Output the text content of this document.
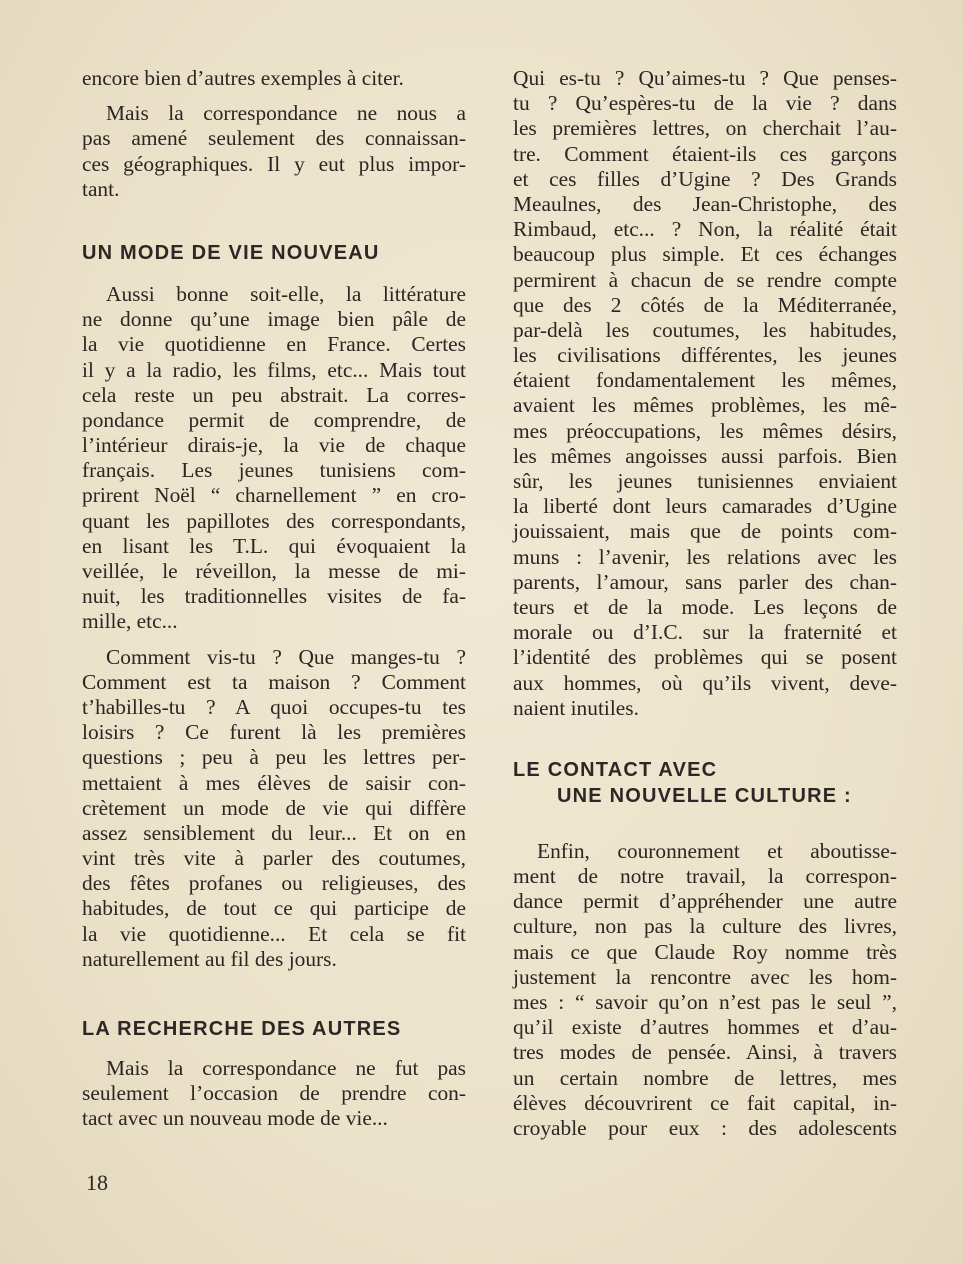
encore bien d’autres exemples à citer.
Mais la correspondance ne nous a
pas amené seulement des connaissan-
ces géographiques. Il y eut plus impor-
tant.
UN MODE DE VIE NOUVEAU
Aussi bonne soit-elle, la littérature
ne donne qu’une image bien pâle de
la vie quotidienne en France. Certes
il y a la radio, les films, etc... Mais tout
cela reste un peu abstrait. La corres-
pondance permit de comprendre, de
l’intérieur dirais-je, la vie de chaque
français. Les jeunes tunisiens com-
prirent Noël “ charnellement ” en cro-
quant les papillotes des correspondants,
en lisant les T.L. qui évoquaient la
veillée, le réveillon, la messe de mi-
nuit, les traditionnelles visites de fa-
mille, etc...
Comment vis-tu ? Que manges-tu ?
Comment est ta maison ? Comment
t’habilles-tu ? A quoi occupes-tu tes
loisirs ? Ce furent là les premières
questions ; peu à peu les lettres per-
mettaient à mes élèves de saisir con-
crètement un mode de vie qui diffère
assez sensiblement du leur... Et on en
vint très vite à parler des coutumes,
des fêtes profanes ou religieuses, des
habitudes, de tout ce qui participe de
la vie quotidienne... Et cela se fit
naturellement au fil des jours.
LA RECHERCHE DES AUTRES
Mais la correspondance ne fut pas
seulement l’occasion de prendre con-
tact avec un nouveau mode de vie...
Qui es-tu ? Qu’aimes-tu ? Que penses-
tu ? Qu’espères-tu de la vie ? dans
les premières lettres, on cherchait l’au-
tre. Comment étaient-ils ces garçons
et ces filles d’Ugine ? Des Grands
Meaulnes, des Jean-Christophe, des
Rimbaud, etc... ? Non, la réalité était
beaucoup plus simple. Et ces échanges
permirent à chacun de se rendre compte
que des 2 côtés de la Méditerranée,
par-delà les coutumes, les habitudes,
les civilisations différentes, les jeunes
étaient fondamentalement les mêmes,
avaient les mêmes problèmes, les mê-
mes préoccupations, les mêmes désirs,
les mêmes angoisses aussi parfois. Bien
sûr, les jeunes tunisiennes enviaient
la liberté dont leurs camarades d’Ugine
jouissaient, mais que de points com-
muns : l’avenir, les relations avec les
parents, l’amour, sans parler des chan-
teurs et de la mode. Les leçons de
morale ou d’I.C. sur la fraternité et
l’identité des problèmes qui se posent
aux hommes, où qu’ils vivent, deve-
naient inutiles.
LE CONTACT AVEC
UNE NOUVELLE CULTURE :
Enfin, couronnement et aboutisse-
ment de notre travail, la correspon-
dance permit d’appréhender une autre
culture, non pas la culture des livres,
mais ce que Claude Roy nomme très
justement la rencontre avec les hom-
mes : “ savoir qu’on n’est pas le seul ”,
qu’il existe d’autres hommes et d’au-
tres modes de pensée. Ainsi, à travers
un certain nombre de lettres, mes
élèves découvrirent ce fait capital, in-
croyable pour eux : des adolescents
18
